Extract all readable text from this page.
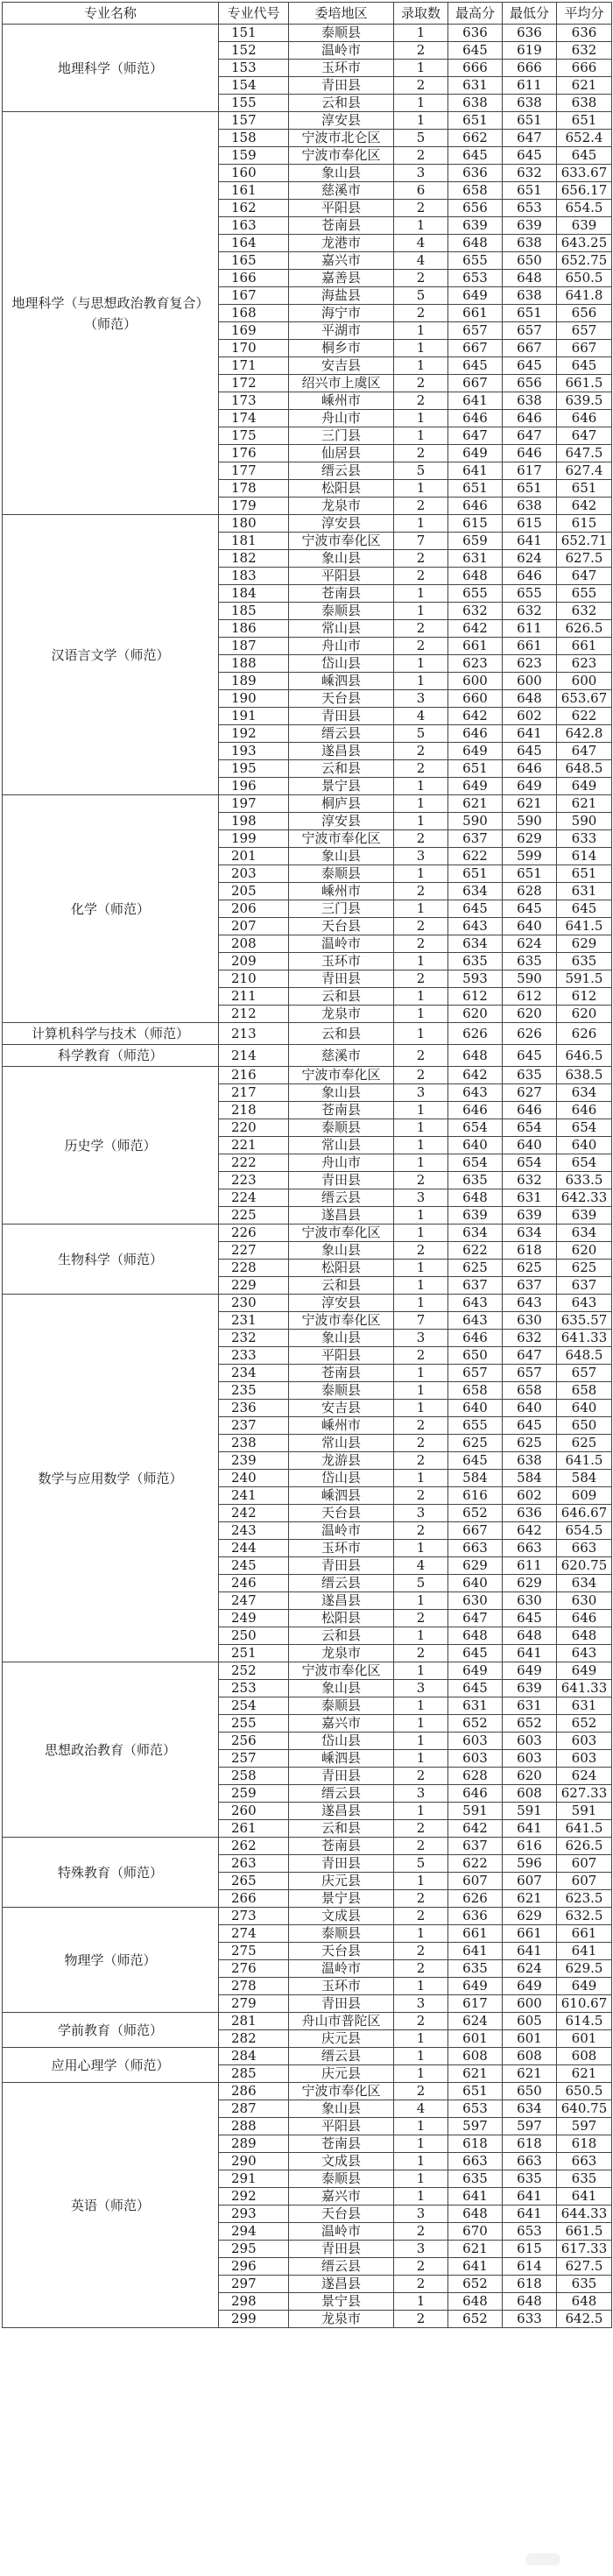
专业名称	专业代号	委培地区	录取数	最高分	最低分	平均分
地理科学（师范）	151	泰顺县	1	636	636	636
	152	温岭市	2	645	619	632
	153	玉环市	1	666	666	666
	154	青田县	2	631	611	621
	155	云和县	1	638	638	638
地理科学（与思想政治教育复合）（师范）	157	淳安县	1	651	651	651
	158	宁波市北仑区	5	662	647	652.4
	159	宁波市奉化区	2	645	645	645
	160	象山县	3	636	632	633.67
	161	慈溪市	6	658	651	656.17
	162	平阳县	2	656	653	654.5
	163	苍南县	1	639	639	639
	164	龙港市	4	648	638	643.25
	165	嘉兴市	4	655	650	652.75
	166	嘉善县	2	653	648	650.5
	167	海盐县	5	649	638	641.8
	168	海宁市	2	661	651	656
	169	平湖市	1	657	657	657
	170	桐乡市	1	667	667	667
	171	安吉县	1	645	645	645
	172	绍兴市上虞区	2	667	656	661.5
	173	嵊州市	2	641	638	639.5
	174	舟山市	1	646	646	646
	175	三门县	1	647	647	647
	176	仙居县	2	649	646	647.5
	177	缙云县	5	641	617	627.4
	178	松阳县	1	651	651	651
	179	龙泉市	2	646	638	642
汉语言文学（师范）	180	淳安县	1	615	615	615
	181	宁波市奉化区	7	659	641	652.71
	182	象山县	2	631	624	627.5
	183	平阳县	2	648	646	647
	184	苍南县	1	655	655	655
	185	泰顺县	1	632	632	632
	186	常山县	2	642	611	626.5
	187	舟山市	2	661	661	661
	188	岱山县	1	623	623	623
	189	嵊泗县	1	600	600	600
	190	天台县	3	660	648	653.67
	191	青田县	4	642	602	622
	192	缙云县	5	646	641	642.8
	193	遂昌县	2	649	645	647
	195	云和县	2	651	646	648.5
	196	景宁县	1	649	649	649
化学（师范）	197	桐庐县	1	621	621	621
	198	淳安县	1	590	590	590
	199	宁波市奉化区	2	637	629	633
	201	象山县	3	622	599	614
	203	泰顺县	1	651	651	651
	205	嵊州市	2	634	628	631
	206	三门县	1	645	645	645
	207	天台县	2	643	640	641.5
	208	温岭市	2	634	624	629
	209	玉环市	1	635	635	635
	210	青田县	2	593	590	591.5
	211	云和县	1	612	612	612
	212	龙泉市	1	620	620	620
计算机科学与技术（师范）	213	云和县	1	626	626	626
科学教育（师范）	214	慈溪市	2	648	645	646.5
历史学（师范）	216	宁波市奉化区	2	642	635	638.5
	217	象山县	3	643	627	634
	218	苍南县	1	646	646	646
	220	泰顺县	1	654	654	654
	221	常山县	1	640	640	640
	222	舟山市	1	654	654	654
	223	青田县	2	635	632	633.5
	224	缙云县	3	648	631	642.33
	225	遂昌县	1	639	639	639
生物科学（师范）	226	宁波市奉化区	1	634	634	634
	227	象山县	2	622	618	620
	228	松阳县	1	625	625	625
	229	云和县	1	637	637	637
数学与应用数学（师范）	230	淳安县	1	643	643	643
	231	宁波市奉化区	7	643	630	635.57
	232	象山县	3	646	632	641.33
	233	平阳县	2	650	647	648.5
	234	苍南县	1	657	657	657
	235	泰顺县	1	658	658	658
	236	安吉县	1	640	640	640
	237	嵊州市	2	655	645	650
	238	常山县	2	625	625	625
	239	龙游县	2	645	638	641.5
	240	岱山县	1	584	584	584
	241	嵊泗县	2	616	602	609
	242	天台县	3	652	636	646.67
	243	温岭市	2	667	642	654.5
	244	玉环市	1	663	663	663
	245	青田县	4	629	611	620.75
	246	缙云县	5	640	629	634
	247	遂昌县	1	630	630	630
	249	松阳县	2	647	645	646
	250	云和县	1	648	648	648
	251	龙泉市	2	645	641	643
思想政治教育（师范）	252	宁波市奉化区	1	649	649	649
	253	象山县	3	645	639	641.33
	254	泰顺县	1	631	631	631
	255	嘉兴市	1	652	652	652
	256	岱山县	1	603	603	603
	257	嵊泗县	1	603	603	603
	258	青田县	2	628	620	624
	259	缙云县	3	646	608	627.33
	260	遂昌县	1	591	591	591
	261	云和县	2	642	641	641.5
特殊教育（师范）	262	苍南县	2	637	616	626.5
	263	青田县	5	622	596	607
	265	庆元县	1	607	607	607
	266	景宁县	2	626	621	623.5
物理学（师范）	273	文成县	2	636	629	632.5
	274	泰顺县	1	661	661	661
	275	天台县	2	641	641	641
	276	温岭市	2	635	624	629.5
	278	玉环市	1	649	649	649
	279	青田县	3	617	600	610.67
学前教育（师范）	281	舟山市普陀区	2	624	605	614.5
	282	庆元县	1	601	601	601
应用心理学（师范）	284	缙云县	1	608	608	608
	285	庆元县	1	621	621	621
英语（师范）	286	宁波市奉化区	2	651	650	650.5
	287	象山县	4	653	634	640.75
	288	平阳县	1	597	597	597
	289	苍南县	1	618	618	618
	290	文成县	1	663	663	663
	291	泰顺县	1	635	635	635
	292	嘉兴市	1	641	641	641
	293	天台县	3	648	641	644.33
	294	温岭市	2	670	653	661.5
	295	青田县	3	621	615	617.33
	296	缙云县	2	641	614	627.5
	297	遂昌县	2	652	618	635
	298	景宁县	1	648	648	648
	299	龙泉市	2	652	633	642.5
